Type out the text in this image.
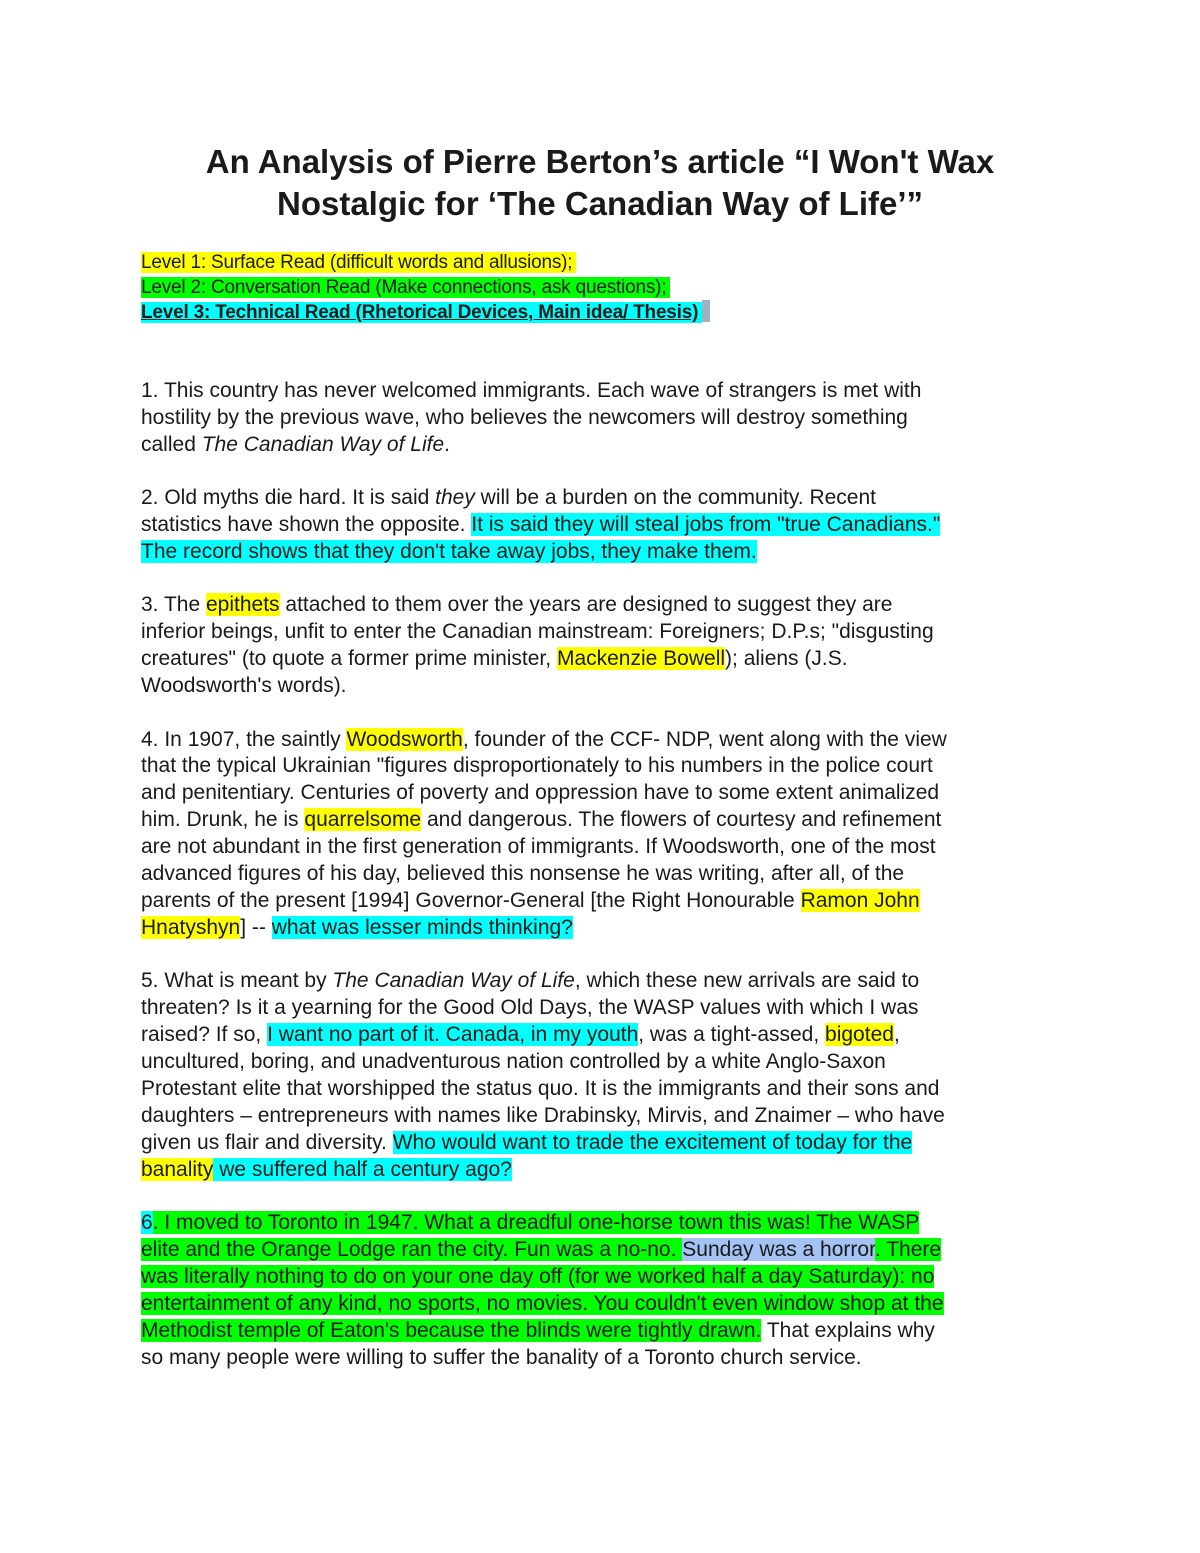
An Analysis of Pierre Berton’s article “I Won't Wax
Nostalgic for ‘The Canadian Way of Life’”
Level 1: Surface Read (difficult words and allusions);
Level 2: Conversation Read (Make connections, ask questions);
Level 3: Technical Read (Rhetorical Devices, Main idea/ Thesis)
1. This country has never welcomed immigrants. Each wave of strangers is met with
hostility by the previous wave, who believes the newcomers will destroy something
called The Canadian Way of Life.
2. Old myths die hard. It is said they will be a burden on the community. Recent
statistics have shown the opposite. It is said they will steal jobs from "true Canadians."
The record shows that they don't take away jobs, they make them.
3. The epithets attached to them over the years are designed to suggest they are
inferior beings, unfit to enter the Canadian mainstream: Foreigners; D.P.s; "disgusting
creatures" (to quote a former prime minister, Mackenzie Bowell); aliens (J.S.
Woodsworth's words).
4. In 1907, the saintly Woodsworth, founder of the CCF- NDP, went along with the view
that the typical Ukrainian "figures disproportionately to his numbers in the police court
and penitentiary. Centuries of poverty and oppression have to some extent animalized
him. Drunk, he is quarrelsome and dangerous. The flowers of courtesy and refinement
are not abundant in the first generation of immigrants. If Woodsworth, one of the most
advanced figures of his day, believed this nonsense he was writing, after all, of the
parents of the present [1994] Governor-General [the Right Honourable Ramon John
Hnatyshyn] -- what was lesser minds thinking?
5. What is meant by The Canadian Way of Life, which these new arrivals are said to
threaten? Is it a yearning for the Good Old Days, the WASP values with which I was
raised? If so, I want no part of it. Canada, in my youth, was a tight-assed, bigoted,
uncultured, boring, and unadventurous nation controlled by a white Anglo-Saxon
Protestant elite that worshipped the status quo. It is the immigrants and their sons and
daughters – entrepreneurs with names like Drabinsky, Mirvis, and Znaimer – who have
given us flair and diversity. Who would want to trade the excitement of today for the
banality we suffered half a century ago?
6. I moved to Toronto in 1947. What a dreadful one-horse town this was! The WASP
elite and the Orange Lodge ran the city. Fun was a no-no. Sunday was a horror. There
was literally nothing to do on your one day off (for we worked half a day Saturday): no
entertainment of any kind, no sports, no movies. You couldn't even window shop at the
Methodist temple of Eaton's because the blinds were tightly drawn. That explains why
so many people were willing to suffer the banality of a Toronto church service.
